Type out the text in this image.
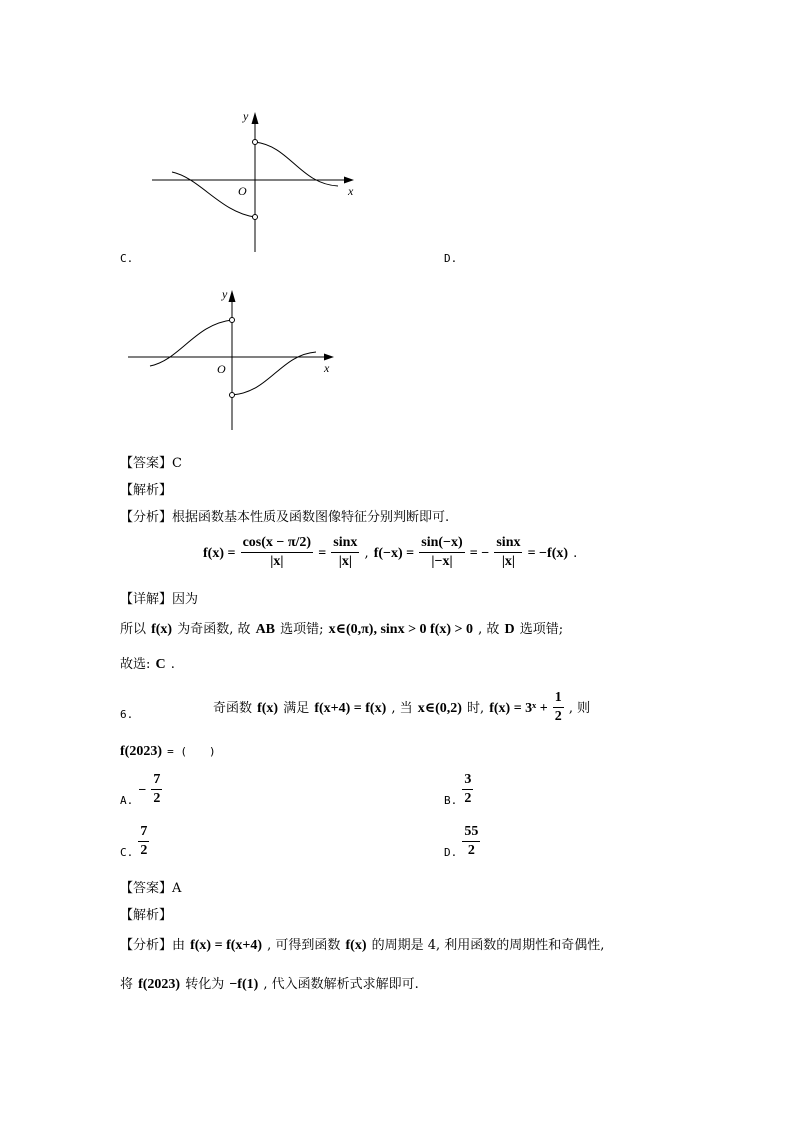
y
x
O
C.	D.
y
x
O
【答案】C
【解析】
【分析】根据函数基本性质及函数图像特征分别判断即可.
【详解】因为
$f(x) = \frac{\cos(x - \pi/2)}{|x|} = \frac{\sin x}{|x|}$ , $f(-x) = \frac{\sin(-x)}{|-x|}$ = − $\frac{\sin x}{|x|} = -f(x)$ .
所以 f(x) 为奇函数, 故 AB 选项错; x∈(0,π), sinx > 0 f(x) > 0 , 故 D 选项错;
故选: C .
6.	奇函数 f(x) 满足 f(x+4) = f(x) , 当 x∈(0,2) 时, f(x) = 3ˣ + $\frac{1}{2}$ , 则
f(2023) = (　　)
A. − $\frac{7}{2}$	B. $\frac{3}{2}$
C. $\frac{7}{2}$	D. $\frac{55}{2}$
【答案】A
【解析】
【分析】由 f(x) = f(x+4) , 可得到函数 f(x) 的周期是 4, 利用函数的周期性和奇偶性,
将 f(2023) 转化为 −f(1) , 代入函数解析式求解即可.
